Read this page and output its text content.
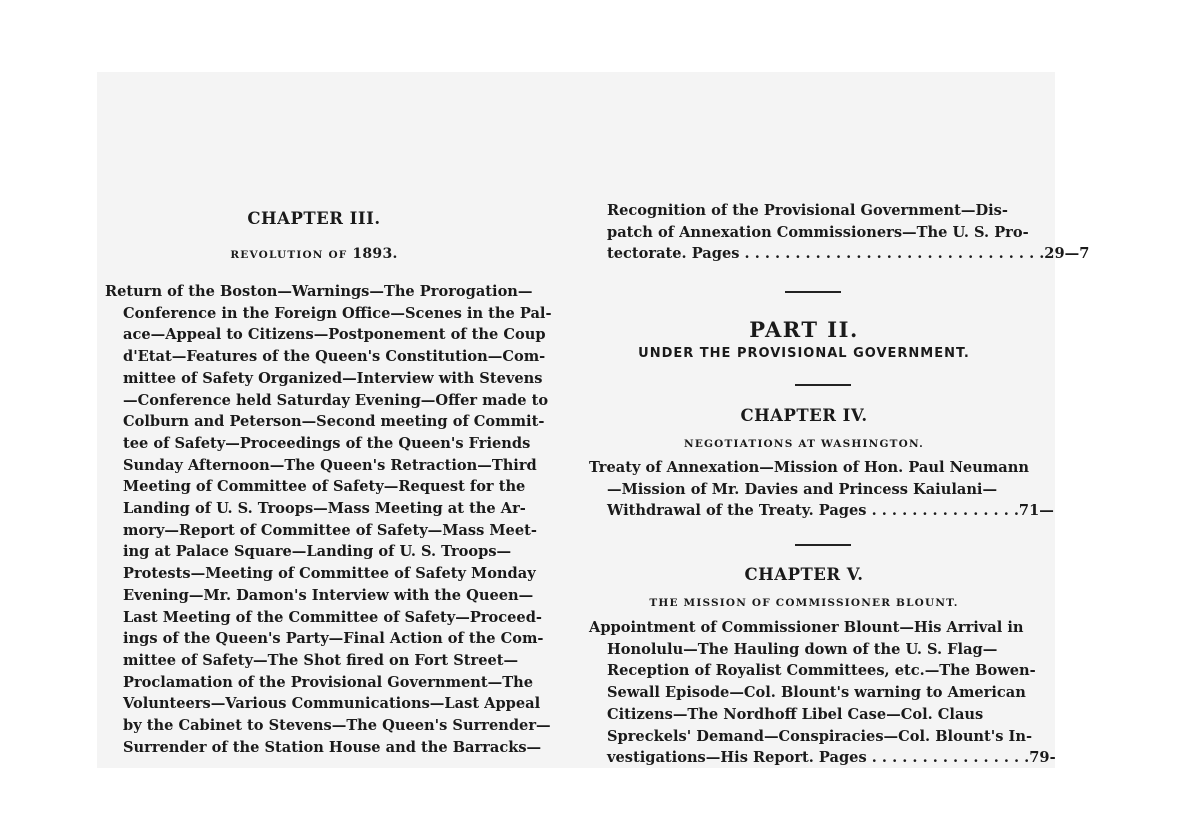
CHAPTER III.
REVOLUTION OF 1893.
Return of the Boston—Warnings—The Prorogation—
Conference in the Foreign Office—Scenes in the Pal-
ace—Appeal to Citizens—Postponement of the Coup
d'Etat—Features of the Queen's Constitution—Com-
mittee of Safety Organized—Interview with Stevens
—Conference held Saturday Evening—Offer made to
Colburn and Peterson—Second meeting of Commit-
tee of Safety—Proceedings of the Queen's Friends
Sunday Afternoon—The Queen's Retraction—Third
Meeting of Committee of Safety—Request for the
Landing of U. S. Troops—Mass Meeting at the Ar-
mory—Report of Committee of Safety—Mass Meet-
ing at Palace Square—Landing of U. S. Troops—
Protests—Meeting of Committee of Safety Monday
Evening—Mr. Damon's Interview with the Queen—
Last Meeting of the Committee of Safety—Proceed-
ings of the Queen's Party—Final Action of the Com-
mittee of Safety—The Shot fired on Fort Street—
Proclamation of the Provisional Government—The
Volunteers—Various Communications—Last Appeal
by the Cabinet to Stevens—The Queen's Surrender—
Surrender of the Station House and the Barracks—
Recognition of the Provisional Government—Dis-
patch of Annexation Commissioners—The U. S. Pro-
tectorate. Pages . . . . . . . . . . . . . . . . . . . . . . . . . . . . . .29—7
PART II.
UNDER THE PROVISIONAL GOVERNMENT.
CHAPTER IV.
NEGOTIATIONS AT WASHINGTON.
Treaty of Annexation—Mission of Hon. Paul Neumann
—Mission of Mr. Davies and Princess Kaiulani—
Withdrawal of the Treaty. Pages . . . . . . . . . . . . . . .71—
CHAPTER V.
THE MISSION OF COMMISSIONER BLOUNT.
Appointment of Commissioner Blount—His Arrival in
Honolulu—The Hauling down of the U. S. Flag—
Reception of Royalist Committees, etc.—The Bowen-
Sewall Episode—Col. Blount's warning to American
Citizens—The Nordhoff Libel Case—Col. Claus
Spreckels' Demand—Conspiracies—Col. Blount's In-
vestigations—His Report. Pages . . . . . . . . . . . . . . . .79-
